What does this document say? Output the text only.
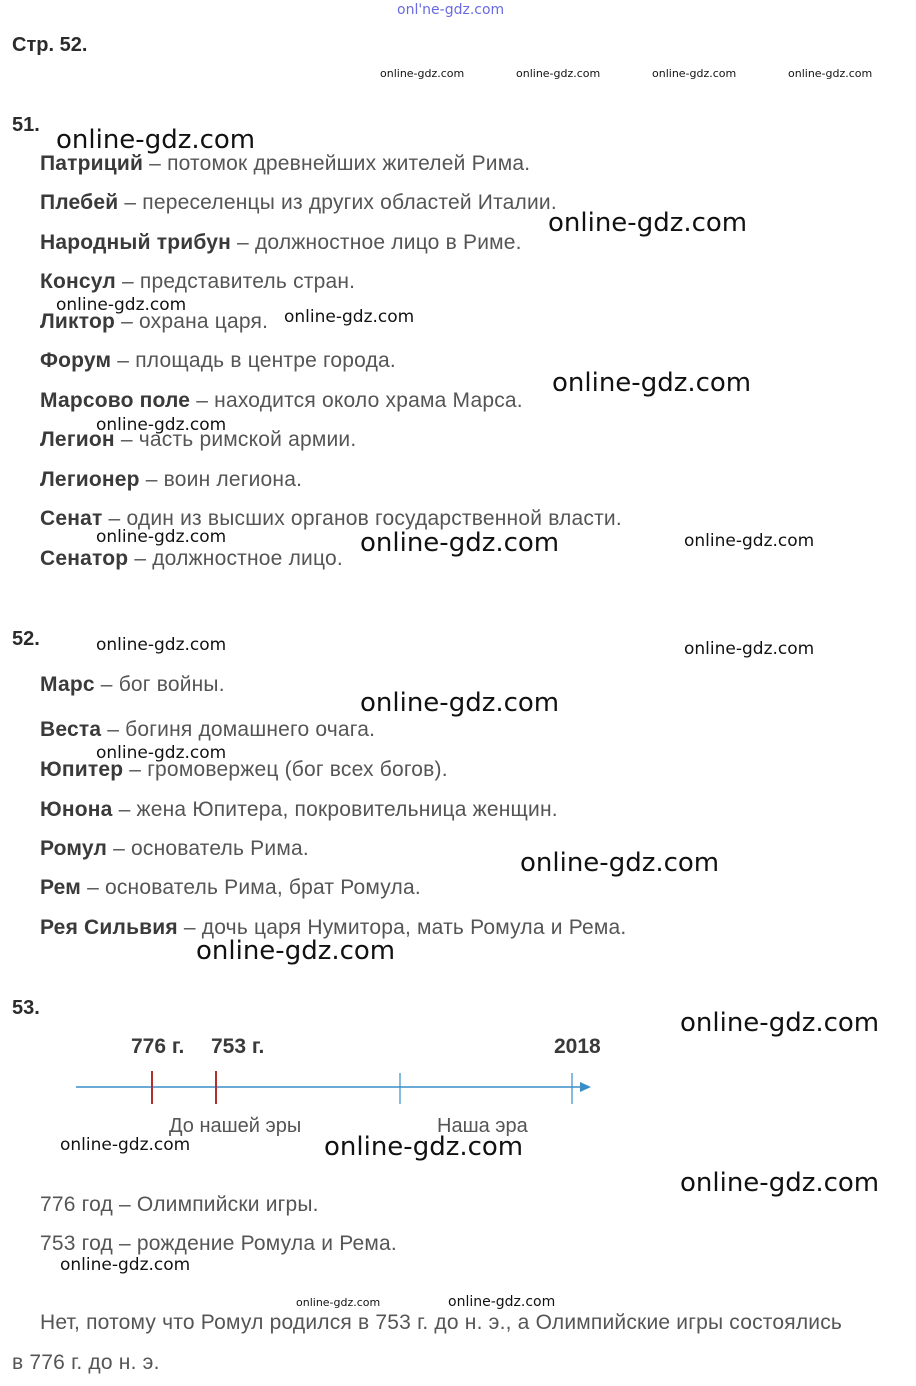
onl'ne-gdz.com
Стр. 52.
online-gdz.com	online-gdz.com	online-gdz.com	online-gdz.com
51.
Патриций – потомок древнейших жителей Рима.
Плебей – переселенцы из других областей Италии.
Народный трибун – должностное лицо в Риме.
Консул – представитель стран.
Ликтор – охрана царя.
Форум – площадь в центре города.
Марсово поле – находится около храма Марса.
Легион – часть римской армии.
Легионер – воин легиона.
Сенат – один из высших органов государственной власти.
Сенатор – должностное лицо.
online-gdz.com
online-gdz.com
online-gdz.com
online-gdz.com
online-gdz.com
online-gdz.com
online-gdz.com	online-gdz.com	online-gdz.com
52.	online-gdz.com	online-gdz.com
Марс – бог войны.
Веста – богиня домашнего очага.
Юпитер – громовержец (бог всех богов).
Юнона – жена Юпитера, покровительница женщин.
Ромул – основатель Рима.
Рем – основатель Рима, брат Ромула.
Рея Сильвия – дочь царя Нумитора, мать Ромула и Рема.
online-gdz.com
online-gdz.com
online-gdz.com
online-gdz.com
53.	online-gdz.com
776 г. 753 г.	2018
До нашей эры	Наша эра
online-gdz.com	online-gdz.com
online-gdz.com
776 год – Олимпийски игры.
753 год – рождение Ромула и Рема.
online-gdz.com
online-gdz.com	online-gdz.com
Нет, потому что Ромул родился в 753 г. до н. э., а Олимпийские игры состоялись
в 776 г. до н. э.
